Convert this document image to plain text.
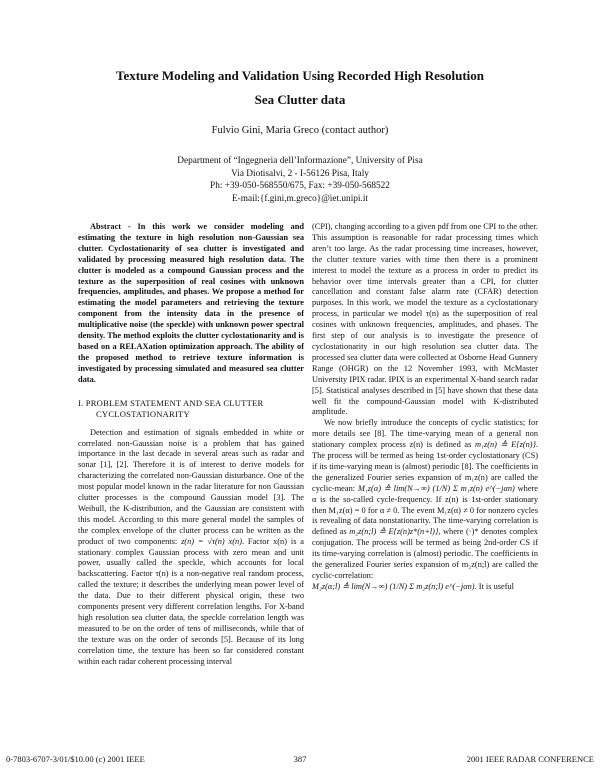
Texture Modeling and Validation Using Recorded High Resolution
Sea Clutter data
Fulvio Gini, Maria Greco (contact author)
Department of “Ingegneria dell’Informazione”, University of Pisa
Via Diotisalvi, 2 - I-56126 Pisa, Italy
Ph: +39-050-568550/675, Fax: +39-050-568522
E-mail:{f.gini,m.greco}@iet.unipi.it

Abstract - In this work we consider modeling and estimating the texture in high resolution non-Gaussian sea clutter. Cyclostationarity of sea clutter is investigated and validated by processing measured high resolution data. The clutter is modeled as a compound Gaussian process and the texture as the superposition of real cosines with unknown frequencies, amplitudes, and phases. We propose a method for estimating the model parameters and retrieving the texture component from the intensity data in the presence of multiplicative noise (the speckle) with unknown power spectral density. The method exploits the clutter cyclostationarity and is based on a RELAXation optimization approach. The ability of the proposed method to retrieve texture information is investigated by processing simulated and measured sea clutter data.

I. PROBLEM STATEMENT AND SEA CLUTTER
CYCLOSTATIONARITY

Detection and estimation of signals embedded in white or correlated non-Gaussian noise is a problem that has gained importance in the last decade in several areas such as radar and sonar [1], [2]. Therefore it is of interest to derive models for characterizing the correlated non-Gaussian disturbance. One of the most popular model known in the radar literature for non Gaussian clutter processes is the compound Gaussian model [3]. The Weibull, the K-distribution, and the Gaussian are consistent with this model. According to this more general model the samples of the complex envelope of the clutter process can be written as the product of two components: z(n) = √τ(n) x(n). Factor x(n) is a stationary complex Gaussian process with zero mean and unit power, usually called the speckle, which accounts for local backscattering. Factor τ(n) is a non-negative real random process, called the texture; it describes the underlying mean power level of the data. Due to their different physical origin, these two components present very different correlation lengths. For X-band high resolution sea clutter data, the speckle correlation length was measured to be on the order of tens of milliseconds, while that of the texture was on the order of seconds [5]. Because of its long correlation time, the texture has been so far considered constant within each radar coherent processing interval

(CPI), changing according to a given pdf from one CPI to the other. This assumption is reasonable for radar processing times which aren’t too large. As the radar processing time increases, however, the clutter texture varies with time then there is a prominent interest to model the texture as a process in order to predict its behavior over time intervals greater than a CPI, for clutter cancellation and constant false alarm rate (CFAR) detection purposes. In this work, we model the texture as a cyclostationary process, in particular we model τ(n) as the superposition of real cosines with unknown frequencies, amplitudes, and phases. The first step of our analysis is to investigate the presence of cyclostationarity in our high resolution sea clutter data. The processed sea clutter data were collected at Osborne Head Gunnery Range (OHGR) on the 12 November 1993, with McMaster University IPIX radar. IPIX is an experimental X-band search radar [5]. Statistical analyses described in [5] have shown that these data well fit the compound-Gaussian model with K-distributed amplitude.

We now briefly introduce the concepts of cyclic statistics; for more details see [8]. The time-varying mean of a general non stationary complex process z(n) is defined as m₁z(n) ≙ E{z(n)}. The process will be termed as being 1st-order cyclostationary (CS) if its time-varying mean is (almost) periodic [8]. The coefficients in the generalized Fourier series expansion of m₁z(n) are called the cyclic-mean: M₁z(α) ≙ lim(N→∞) (1/N) Σ m₁z(n) e^(−jαn) where α is the so-called cycle-frequency. If z(n) is 1st-order stationary then M₁z(α) = 0 for α ≠ 0. The event M₁z(α) ≠ 0 for nonzero cycles is revealing of data nonstationarity. The time-varying correlation is defined as m₂z(n;l) ≙ E{z(n)z*(n+l)}, where (·)* denotes complex conjugation. The process will be termed as being 2nd-order CS if its time-varying correlation is (almost) periodic. The coefficients in the generalized Fourier series expansion of m₂z(n;l) are called the cyclic-correlation: M₂z(α;l) ≙ lim(N→∞) (1/N) Σ m₂z(n;l) e^(−jαn). It is useful

0-7803-6707-3/01/$10.00 (c) 2001 IEEE	387	2001 IEEE RADAR CONFERENCE
